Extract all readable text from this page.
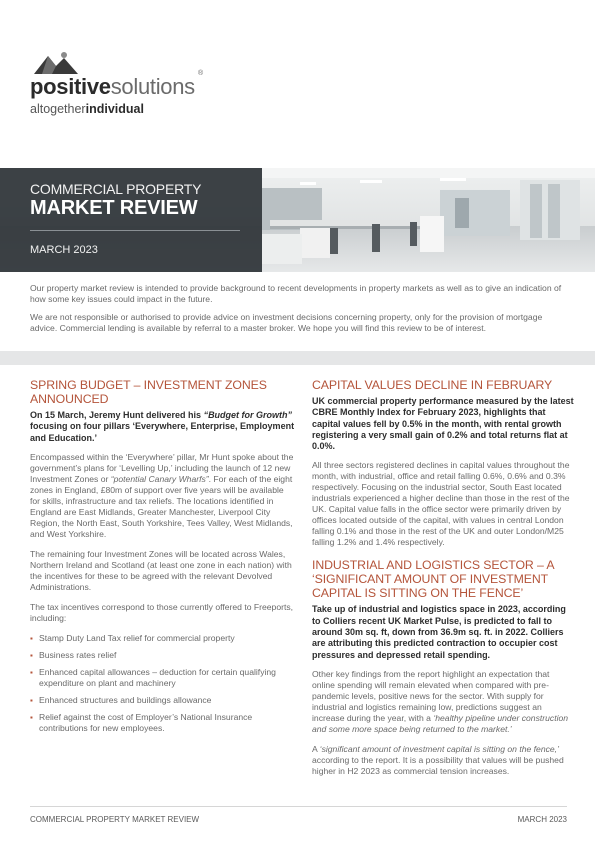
positivesolutions
®
altogetherindividual
COMMERCIAL PROPERTY
MARKET REVIEW
MARCH 2023

Our property market review is intended to provide background to recent developments in property markets as well as to give an indication of how some key issues could impact in the future.

We are not responsible or authorised to provide advice on investment decisions concerning property, only for the provision of mortgage advice. Commercial lending is available by referral to a master broker. We hope you will find this review to be of interest.

SPRING BUDGET – INVESTMENT ZONES ANNOUNCED

On 15 March, Jeremy Hunt delivered his “Budget for Growth” focusing on four pillars ‘Everywhere, Enterprise, Employment and Education.’

Encompassed within the ‘Everywhere’ pillar, Mr Hunt spoke about the government’s plans for ‘Levelling Up,’ including the launch of 12 new Investment Zones or “potential Canary Wharfs”. For each of the eight zones in England, £80m of support over five years will be available for skills, infrastructure and tax reliefs. The locations identified in England are East Midlands, Greater Manchester, Liverpool City Region, the North East, South Yorkshire, Tees Valley, West Midlands, and West Yorkshire.

The remaining four Investment Zones will be located across Wales, Northern Ireland and Scotland (at least one zone in each nation) with the incentives for these to be agreed with the relevant Devolved Administrations.

The tax incentives correspond to those currently offered to Freeports, including:

▪ Stamp Duty Land Tax relief for commercial property
▪ Business rates relief
▪ Enhanced capital allowances – deduction for certain qualifying expenditure on plant and machinery
▪ Enhanced structures and buildings allowance
▪ Relief against the cost of Employer’s National Insurance contributions for new employees.
CAPITAL VALUES DECLINE IN FEBRUARY

UK commercial property performance measured by the latest CBRE Monthly Index for February 2023, highlights that capital values fell by 0.5% in the month, with rental growth registering a very small gain of 0.2% and total returns flat at 0.0%.

All three sectors registered declines in capital values throughout the month, with industrial, office and retail falling 0.6%, 0.6% and 0.3% respectively. Focusing on the industrial sector, South East located industrials experienced a higher decline than those in the rest of the UK. Capital value falls in the office sector were primarily driven by offices located outside of the capital, with values in central London falling 0.1% and those in the rest of the UK and outer London/M25 falling 1.2% and 1.4% respectively.

INDUSTRIAL AND LOGISTICS SECTOR – A ‘SIGNIFICANT AMOUNT OF INVESTMENT CAPITAL IS SITTING ON THE FENCE’

Take up of industrial and logistics space in 2023, according to Colliers recent UK Market Pulse, is predicted to fall to around 30m sq. ft, down from 36.9m sq. ft. in 2022. Colliers are attributing this predicted contraction to occupier cost pressures and depressed retail spending.

Other key findings from the report highlight an expectation that online spending will remain elevated when compared with pre-pandemic levels, positive news for the sector. With supply for industrial and logistics remaining low, predictions suggest an increase during the year, with a ‘healthy pipeline under construction and some more space being returned to the market.’

A ‘significant amount of investment capital is sitting on the fence,’ according to the report. It is a possibility that values will be pushed higher in H2 2023 as commercial tension increases.

COMMERCIAL PROPERTY MARKET REVIEW	MARCH 2023
